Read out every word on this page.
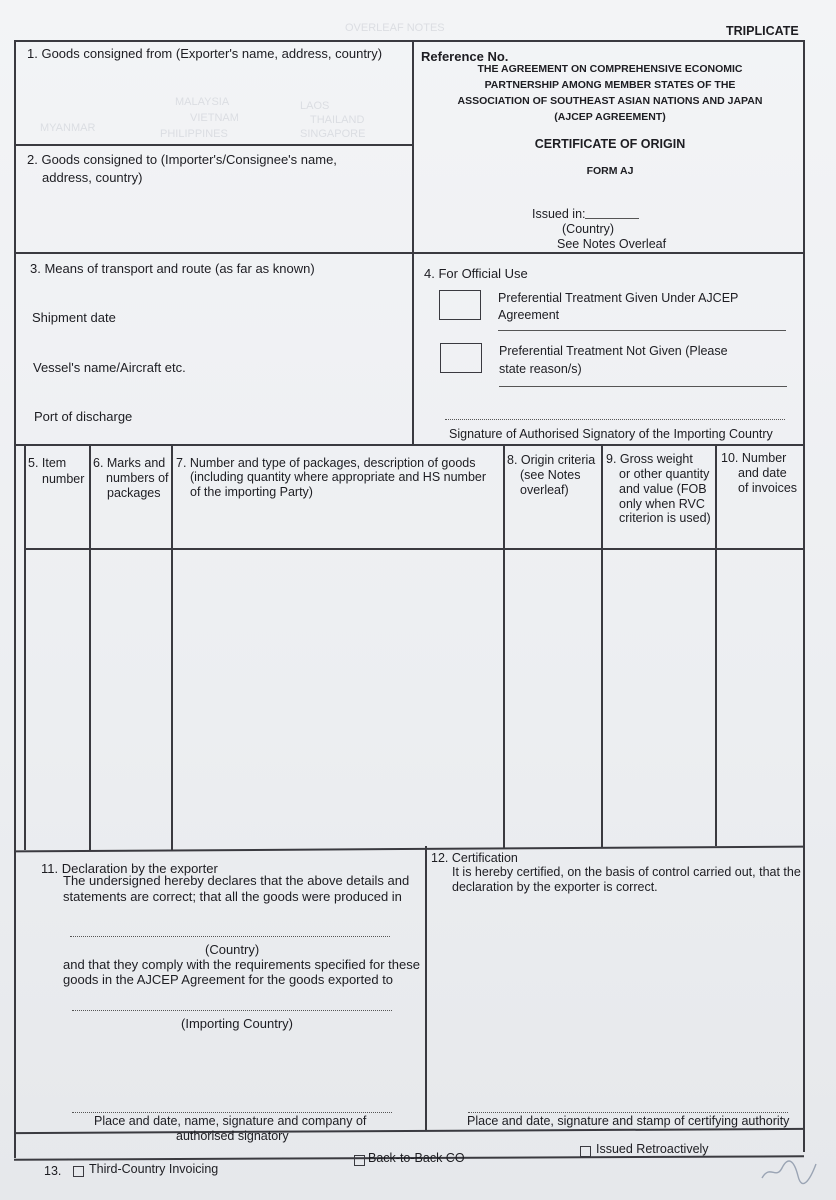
OVERLEAF NOTES
MALAYSIA	LAOS
THAILAND
VIETNAM
MYANMAR	SINGAPORE
PHILIPPINES
TRIPLICATE
1. Goods consigned from (Exporter's name, address, country)	Reference No.
THE AGREEMENT ON COMPREHENSIVE ECONOMIC
PARTNERSHIP AMONG MEMBER STATES OF THE
ASSOCIATION OF SOUTHEAST ASIAN NATIONS AND JAPAN
(AJCEP AGREEMENT)
CERTIFICATE OF ORIGIN
FORM AJ
Issued in:
(Country)
See Notes Overleaf
2. Goods consigned to (Importer's/Consignee's name,
address, country)
3. Means of transport and route (as far as known)
Shipment date
Vessel's name/Aircraft etc.
Port of discharge
4. For Official Use
Preferential Treatment Given Under AJCEP
Agreement
Preferential Treatment Not Given (Please
state reason/s)
Signature of Authorised Signatory of the Importing Country
5. Item
number
6. Marks and
numbers of
packages
7. Number and type of packages, description of goods
(including quantity where appropriate and HS number
of the importing Party)
8. Origin criteria
(see Notes
overleaf)
9. Gross weight
or other quantity
and value (FOB
only when RVC
criterion is used)
10. Number
and date
of invoices
11. Declaration by the exporter
The undersigned hereby declares that the above details and
statements are correct; that all the goods were produced in
(Country)
and that they comply with the requirements specified for these
goods in the AJCEP Agreement for the goods exported to
(Importing Country)
Place and date, name, signature and company of
authorised signatory
12. Certification
It is hereby certified, on the basis of control carried out, that the
declaration by the exporter is correct.
Place and date, signature and stamp of certifying authority
13. Third-Country Invoicing
Back-to-Back CO
Issued Retroactively
